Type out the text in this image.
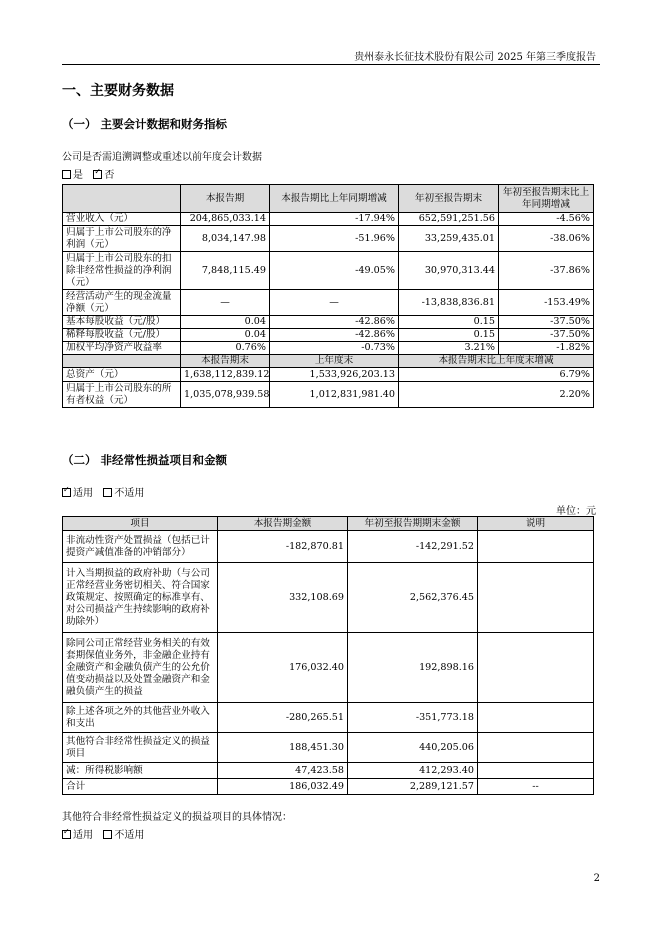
贵州泰永长征技术股份有限公司 2025 年第三季度报告
一、主要财务数据
（一） 主要会计数据和财务指标
公司是否需追溯调整或重述以前年度会计数据
是 ✓ 否
	本报告期	本报告期比上年同期增减	年初至报告期末	年初至报告期末比上年同期增减
营业收入（元）	204,865,033.14	-17.94%	652,591,251.56	-4.56%
归属于上市公司股东的净利润（元）	8,034,147.98	-51.96%	33,259,435.01	-38.06%
归属于上市公司股东的扣除非经常性损益的净利润（元）	7,848,115.49	-49.05%	30,970,313.44	-37.86%
经营活动产生的现金流量净额（元）	—	—	-13,838,836.81	-153.49%
基本每股收益（元/股）	0.04	-42.86%	0.15	-37.50%
稀释每股收益（元/股）	0.04	-42.86%	0.15	-37.50%
加权平均净资产收益率	0.76%	-0.73%	3.21%	-1.82%
	本报告期末	上年度末	本报告期末比上年度末增减	
总资产（元）	1,638,112,839.12	1,533,926,203.13	6.79%	
归属于上市公司股东的所有者权益（元）	1,035,078,939.58	1,012,831,981.40	2.20%	
（二） 非经常性损益项目和金额
✓适用 不适用
单位：元
项目	本报告期金额	年初至报告期期末金额	说明
非流动性资产处置损益（包括已计提资产减值准备的冲销部分）	-182,870.81	-142,291.52	
计入当期损益的政府补助（与公司正常经营业务密切相关、符合国家政策规定、按照确定的标准享有、对公司损益产生持续影响的政府补助除外）	332,108.69	2,562,376.45	
除同公司正常经营业务相关的有效套期保值业务外，非金融企业持有金融资产和金融负债产生的公允价值变动损益以及处置金融资产和金融负债产生的损益	176,032.40	192,898.16	
除上述各项之外的其他营业外收入和支出	-280,265.51	-351,773.18	
其他符合非经常性损益定义的损益项目	188,451.30	440,205.06	
减：所得税影响额	47,423.58	412,293.40	
合计	186,032.49	2,289,121.57	--
其他符合非经常性损益定义的损益项目的具体情况：
✓适用 不适用
2
